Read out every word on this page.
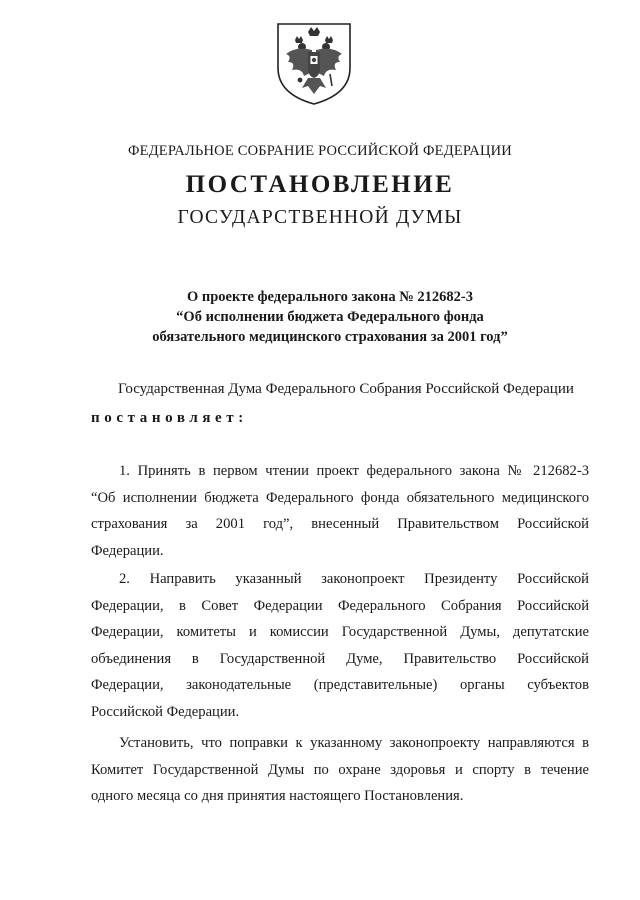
ФЕДЕРАЛЬНОЕ СОБРАНИЕ РОССИЙСКОЙ ФЕДЕРАЦИИ
ПОСТАНОВЛЕНИЕ
ГОСУДАРСТВЕННОЙ ДУМЫ
О проекте федерального закона № 212682-3
“Об исполнении бюджета Федерального фонда
обязательного медицинского страхования за 2001 год”
Государственная Дума Федерального Собрания Российской Федерации
постановляет:
1. Принять в первом чтении проект федерального закона № 212682-3
“Об исполнении бюджета Федерального фонда обязательного медицинского
страхования за 2001 год”, внесенный Правительством Российской
Федерации.
2. Направить указанный законопроект Президенту Российской
Федерации, в Совет Федерации Федерального Собрания Российской
Федерации, комитеты и комиссии Государственной Думы, депутатские
объединения в Государственной Думе, Правительство Российской
Федерации, законодательные (представительные) органы субъектов
Российской Федерации.
Установить, что поправки к указанному законопроекту направляются в
Комитет Государственной Думы по охране здоровья и спорту в течение
одного месяца со дня принятия настоящего Постановления.
